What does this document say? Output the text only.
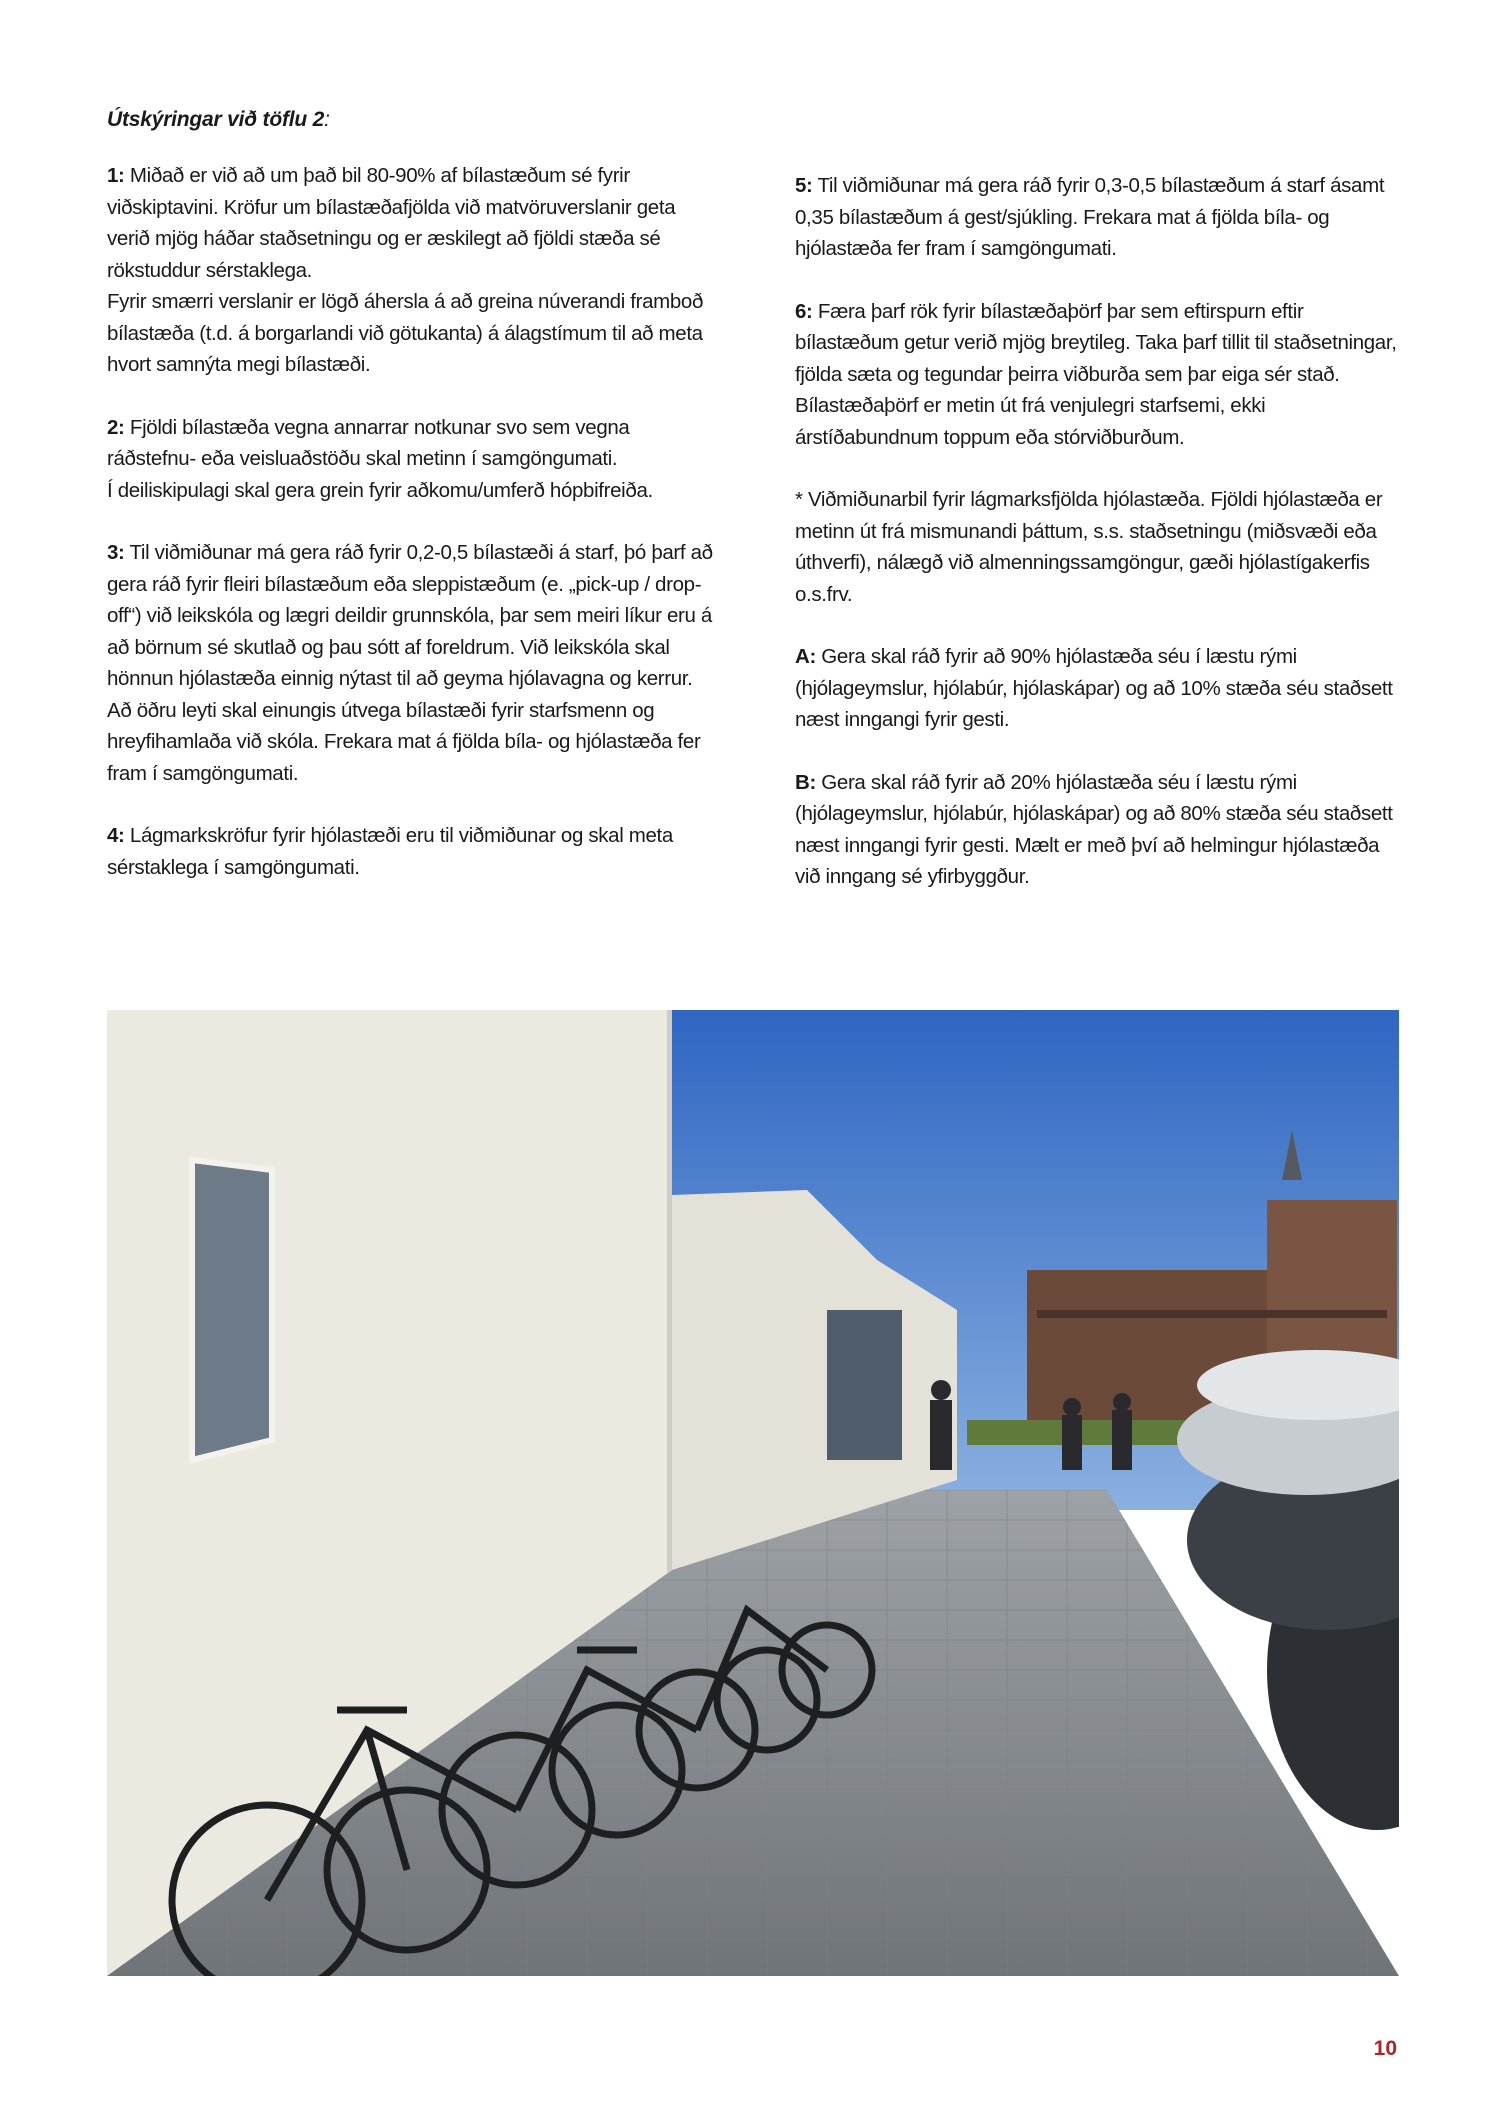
Útskýringar við töflu 2:

1: Miðað er við að um það bil 80-90% af bílastæðum sé fyrir viðskiptavini. Kröfur um bílastæðafjölda við matvöruverslanir geta verið mjög háðar staðsetningu og er æskilegt að fjöldi stæða sé rökstuddur sérstaklega.

Fyrir smærri verslanir er lögð áhersla á að greina núverandi framboð bílastæða (t.d. á borgarlandi við götukanta) á álagstímum til að meta hvort samnýta megi bílastæði.

2: Fjöldi bílastæða vegna annarrar notkunar svo sem vegna ráðstefnu- eða veisluaðstöðu skal metinn í samgöngumati.

Í deiliskipulagi skal gera grein fyrir aðkomu/umferð hópbifreiða.

3: Til viðmiðunar má gera ráð fyrir 0,2-0,5 bílastæði á starf, þó þarf að gera ráð fyrir fleiri bílastæðum eða sleppistæðum (e. „pick-up / drop-off“) við leikskóla og lægri deildir grunnskóla, þar sem meiri líkur eru á að börnum sé skutlað og þau sótt af foreldrum. Við leikskóla skal hönnun hjólastæða einnig nýtast til að geyma hjólavagna og kerrur. Að öðru leyti skal einungis útvega bílastæði fyrir starfsmenn og hreyfihamlaða við skóla. Frekara mat á fjölda bíla- og hjólastæða fer fram í samgöngumati.

4: Lágmarkskröfur fyrir hjólastæði eru til viðmiðunar og skal meta sérstaklega í samgöngumati.

5: Til viðmiðunar má gera ráð fyrir 0,3-0,5 bílastæðum á starf ásamt 0,35 bílastæðum á gest/sjúkling. Frekara mat á fjölda bíla- og hjólastæða fer fram í samgöngumati.

6: Færa þarf rök fyrir bílastæðaþörf þar sem eftirspurn eftir bílastæðum getur verið mjög breytileg. Taka þarf tillit til staðsetningar, fjölda sæta og tegundar þeirra viðburða sem þar eiga sér stað. Bílastæðaþörf er metin út frá venjulegri starfsemi, ekki árstíðabundnum toppum eða stórviðburðum.

* Viðmiðunarbil fyrir lágmarksfjölda hjólastæða. Fjöldi hjólastæða er metinn út frá mismunandi þáttum, s.s. staðsetningu (miðsvæði eða úthverfi), nálægð við almenningssamgöngur, gæði hjólastígakerfis o.s.frv.

A: Gera skal ráð fyrir að 90% hjólastæða séu í læstu rými (hjólageymslur, hjólabúr, hjólaskápar) og að 10% stæða séu staðsett næst inngangi fyrir gesti.

B: Gera skal ráð fyrir að 20% hjólastæða séu í læstu rými (hjólageymslur, hjólabúr, hjólaskápar) og að 80% stæða séu staðsett næst inngangi fyrir gesti. Mælt er með því að helmingur hjólastæða við inngang sé yfirbyggður.

10
